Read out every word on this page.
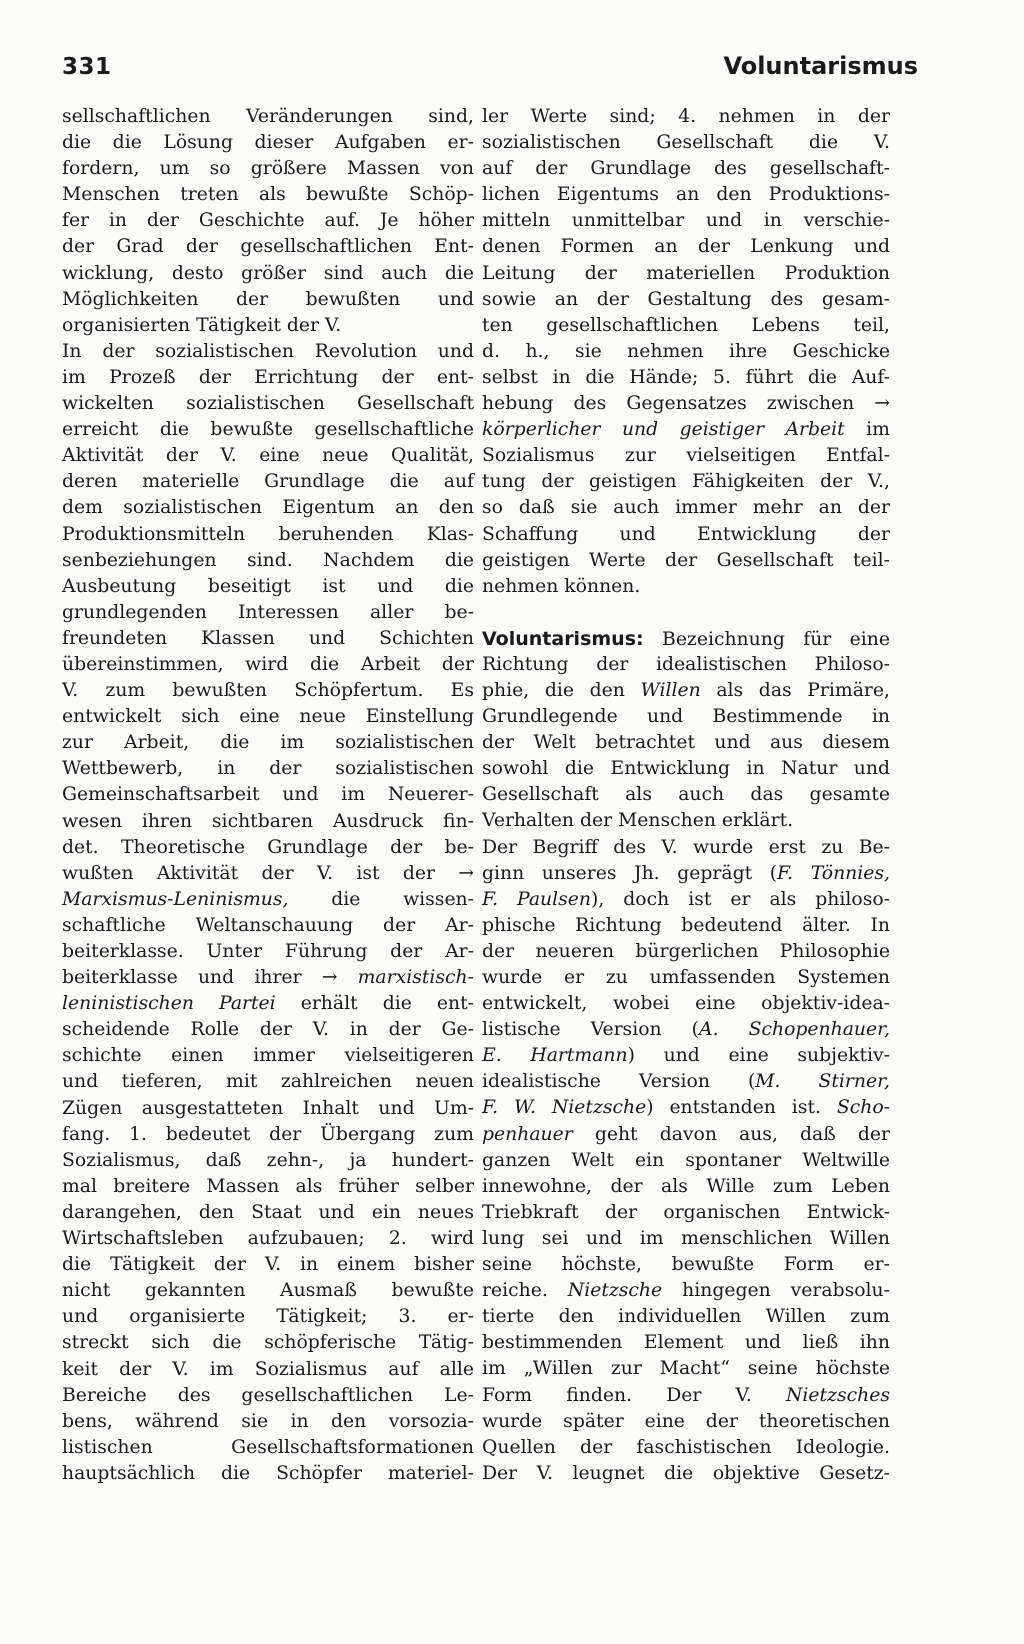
331	Voluntarismus
sellschaftlichen Veränderungen sind,
die die Lösung dieser Aufgaben er-
fordern, um so größere Massen von
Menschen treten als bewußte Schöp-
fer in der Geschichte auf. Je höher
der Grad der gesellschaftlichen Ent-
wicklung, desto größer sind auch die
Möglichkeiten der bewußten und
organisierten Tätigkeit der V.
In der sozialistischen Revolution und
im Prozeß der Errichtung der ent-
wickelten sozialistischen Gesellschaft
erreicht die bewußte gesellschaftliche
Aktivität der V. eine neue Qualität,
deren materielle Grundlage die auf
dem sozialistischen Eigentum an den
Produktionsmitteln beruhenden Klas-
senbeziehungen sind. Nachdem die
Ausbeutung beseitigt ist und die
grundlegenden Interessen aller be-
freundeten Klassen und Schichten
übereinstimmen, wird die Arbeit der
V. zum bewußten Schöpfertum. Es
entwickelt sich eine neue Einstellung
zur Arbeit, die im sozialistischen
Wettbewerb, in der sozialistischen
Gemeinschaftsarbeit und im Neuerer-
wesen ihren sichtbaren Ausdruck fin-
det. Theoretische Grundlage der be-
wußten Aktivität der V. ist der →
Marxismus-Leninismus, die wissen-
schaftliche Weltanschauung der Ar-
beiterklasse. Unter Führung der Ar-
beiterklasse und ihrer → marxistisch-
leninistischen Partei erhält die ent-
scheidende Rolle der V. in der Ge-
schichte einen immer vielseitigeren
und tieferen, mit zahlreichen neuen
Zügen ausgestatteten Inhalt und Um-
fang. 1. bedeutet der Übergang zum
Sozialismus, daß zehn-, ja hundert-
mal breitere Massen als früher selber
darangehen, den Staat und ein neues
Wirtschaftsleben aufzubauen; 2. wird
die Tätigkeit der V. in einem bisher
nicht gekannten Ausmaß bewußte
und organisierte Tätigkeit; 3. er-
streckt sich die schöpferische Tätig-
keit der V. im Sozialismus auf alle
Bereiche des gesellschaftlichen Le-
bens, während sie in den vorsozia-
listischen Gesellschaftsformationen
hauptsächlich die Schöpfer materiel-
ler Werte sind; 4. nehmen in der
sozialistischen Gesellschaft die V.
auf der Grundlage des gesellschaft-
lichen Eigentums an den Produktions-
mitteln unmittelbar und in verschie-
denen Formen an der Lenkung und
Leitung der materiellen Produktion
sowie an der Gestaltung des gesam-
ten gesellschaftlichen Lebens teil,
d. h., sie nehmen ihre Geschicke
selbst in die Hände; 5. führt die Auf-
hebung des Gegensatzes zwischen →
körperlicher und geistiger Arbeit im
Sozialismus zur vielseitigen Entfal-
tung der geistigen Fähigkeiten der V.,
so daß sie auch immer mehr an der
Schaffung und Entwicklung der
geistigen Werte der Gesellschaft teil-
nehmen können.
Voluntarismus: Bezeichnung für eine
Richtung der idealistischen Philoso-
phie, die den Willen als das Primäre,
Grundlegende und Bestimmende in
der Welt betrachtet und aus diesem
sowohl die Entwicklung in Natur und
Gesellschaft als auch das gesamte
Verhalten der Menschen erklärt.
Der Begriff des V. wurde erst zu Be-
ginn unseres Jh. geprägt (F. Tönnies,
F. Paulsen), doch ist er als philoso-
phische Richtung bedeutend älter. In
der neueren bürgerlichen Philosophie
wurde er zu umfassenden Systemen
entwickelt, wobei eine objektiv-idea-
listische Version (A. Schopenhauer,
E. Hartmann) und eine subjektiv-
idealistische Version (M. Stirner,
F. W. Nietzsche) entstanden ist. Scho-
penhauer geht davon aus, daß der
ganzen Welt ein spontaner Weltwille
innewohne, der als Wille zum Leben
Triebkraft der organischen Entwick-
lung sei und im menschlichen Willen
seine höchste, bewußte Form er-
reiche. Nietzsche hingegen verabsolu-
tierte den individuellen Willen zum
bestimmenden Element und ließ ihn
im „Willen zur Macht“ seine höchste
Form finden. Der V. Nietzsches
wurde später eine der theoretischen
Quellen der faschistischen Ideologie.
Der V. leugnet die objektive Gesetz-
